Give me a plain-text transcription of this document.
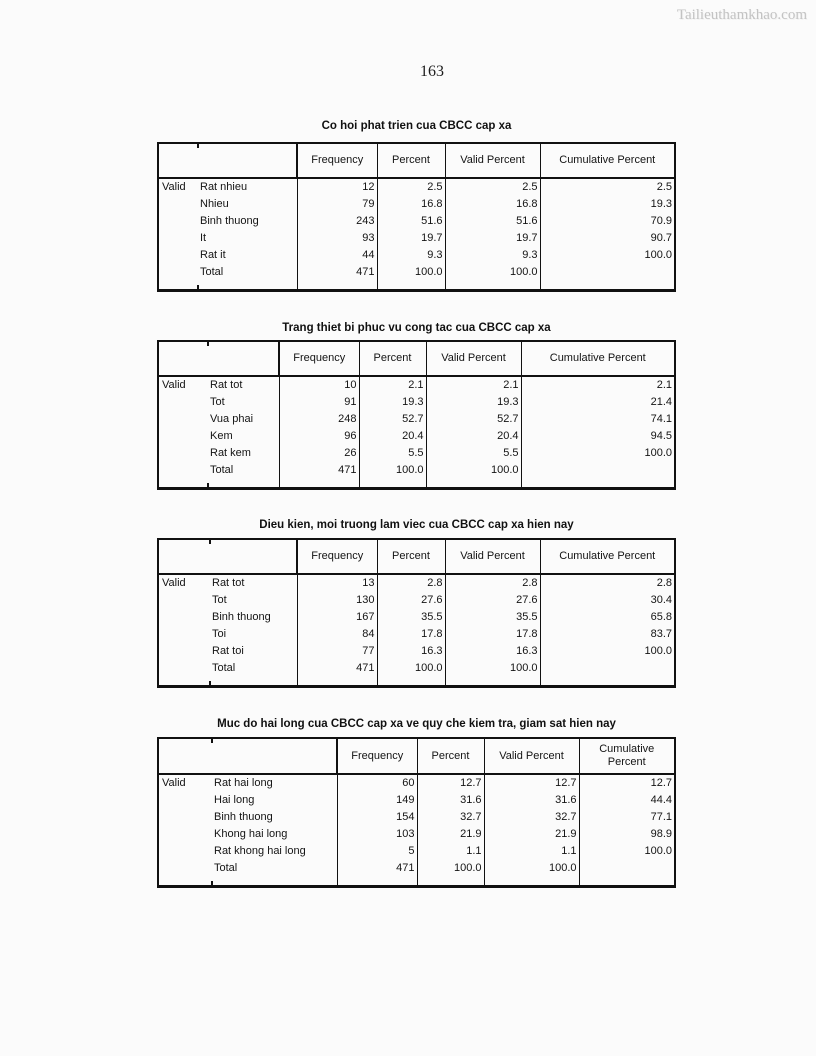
Tailieuthamkhao.com
163
Co hoi phat trien cua CBCC cap xa
		Frequency	Percent	Valid Percent	Cumulative Percent
Valid	Rat nhieu	12	2.5	2.5	2.5
	Nhieu	79	16.8	16.8	19.3
	Binh thuong	243	51.6	51.6	70.9
	It	93	19.7	19.7	90.7
	Rat it	44	9.3	9.3	100.0
	Total	471	100.0	100.0	
Trang thiet bi phuc vu cong tac cua CBCC cap xa
		Frequency	Percent	Valid Percent	Cumulative Percent
Valid	Rat tot	10	2.1	2.1	2.1
	Tot	91	19.3	19.3	21.4
	Vua phai	248	52.7	52.7	74.1
	Kem	96	20.4	20.4	94.5
	Rat kem	26	5.5	5.5	100.0
	Total	471	100.0	100.0	
Dieu kien, moi truong lam viec cua CBCC cap xa hien nay
		Frequency	Percent	Valid Percent	Cumulative Percent
Valid	Rat tot	13	2.8	2.8	2.8
	Tot	130	27.6	27.6	30.4
	Binh thuong	167	35.5	35.5	65.8
	Toi	84	17.8	17.8	83.7
	Rat toi	77	16.3	16.3	100.0
	Total	471	100.0	100.0	
Muc do hai long cua CBCC cap xa ve quy che kiem tra, giam sat hien nay
		Frequency	Percent	Valid Percent	Cumulative Percent
Valid	Rat hai long	60	12.7	12.7	12.7
	Hai long	149	31.6	31.6	44.4
	Binh thuong	154	32.7	32.7	77.1
	Khong hai long	103	21.9	21.9	98.9
	Rat khong hai long	5	1.1	1.1	100.0
	Total	471	100.0	100.0	
